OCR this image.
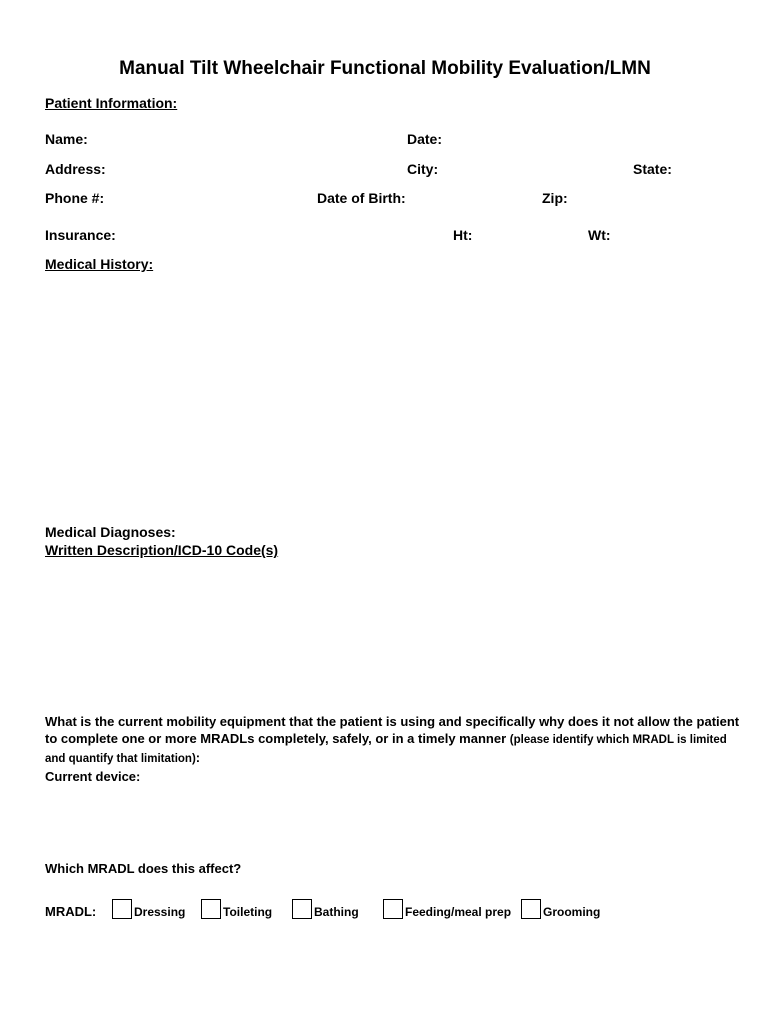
Manual Tilt Wheelchair Functional Mobility Evaluation/LMN
Patient Information:
Name:	Date:
Address:	City:	State:
Phone #:	Date of Birth:	Zip:
Insurance:	Ht:	Wt:
Medical History:
Medical Diagnoses:
Written Description/ICD-10 Code(s)
What is the current mobility equipment that the patient is using and specifically why does it not allow the patient to complete one or more MRADLs completely, safely, or in a timely manner (please identify which MRADL is limited and quantify that limitation):
Current device:
Which MRADL does this affect?
MRADL:	Dressing	Toileting	Bathing	Feeding/meal prep	Grooming
